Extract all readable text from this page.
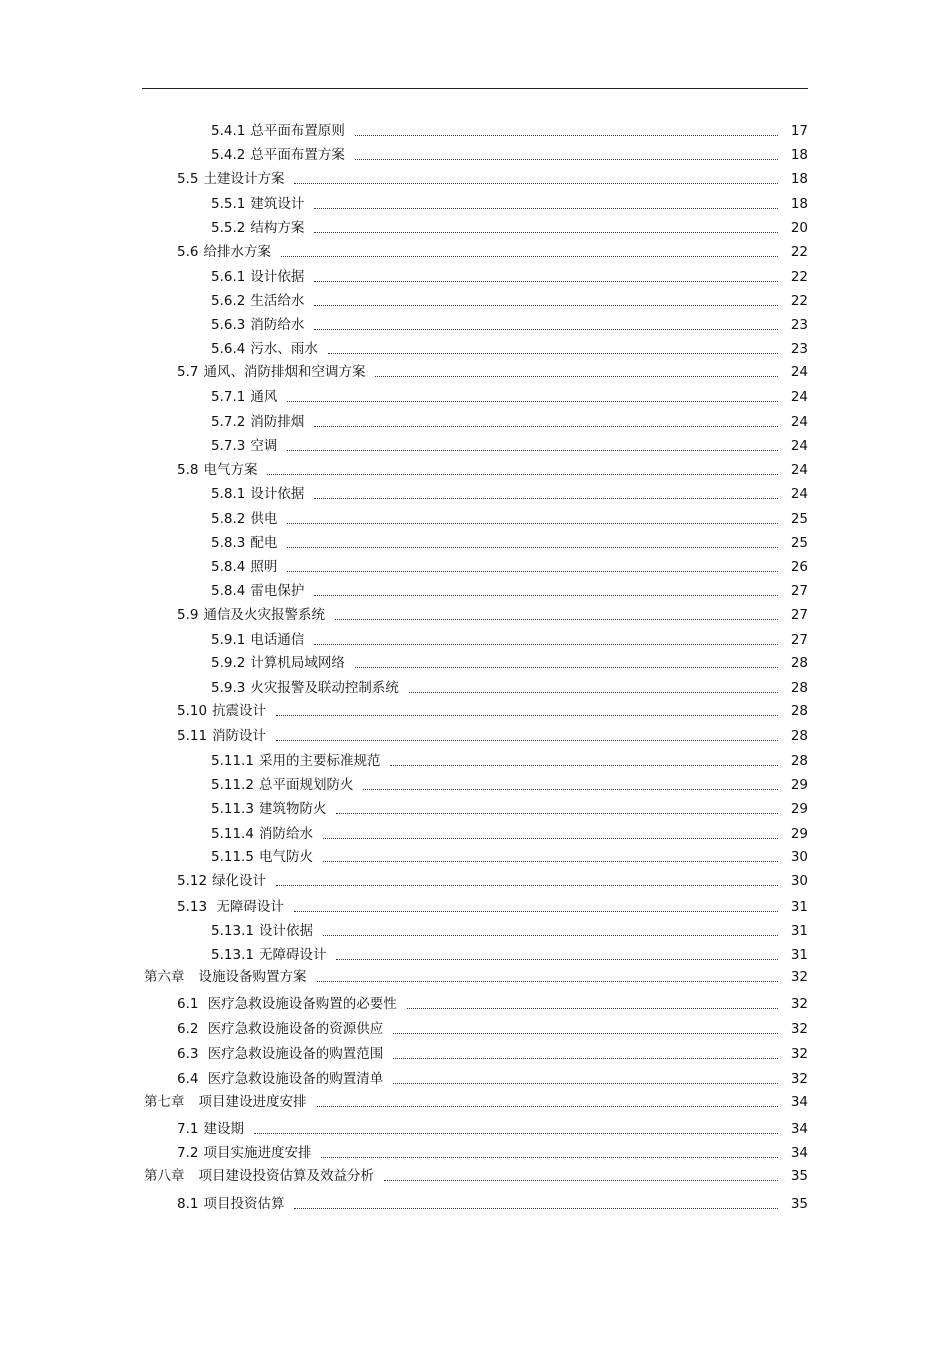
5.4.1 总平面布置原则	17
5.4.2 总平面布置方案	18
5.5 土建设计方案	18
5.5.1 建筑设计	18
5.5.2 结构方案	20
5.6 给排水方案	22
5.6.1 设计依据	22
5.6.2 生活给水	22
5.6.3 消防给水	23
5.6.4 污水、雨水	23
5.7 通风、消防排烟和空调方案	24
5.7.1 通风	24
5.7.2 消防排烟	24
5.7.3 空调	24
5.8 电气方案	24
5.8.1 设计依据	24
5.8.2 供电	25
5.8.3 配电	25
5.8.4 照明	26
5.8.4 雷电保护	27
5.9 通信及火灾报警系统	27
5.9.1 电话通信	27
5.9.2 计算机局域网络	28
5.9.3 火灾报警及联动控制系统	28
5.10 抗震设计	28
5.11 消防设计	28
5.11.1 采用的主要标准规范	28
5.11.2 总平面规划防火	29
5.11.3 建筑物防火	29
5.11.4 消防给水	29
5.11.5 电气防火	30
5.12 绿化设计	30
5.13 无障碍设计	31
5.13.1 设计依据	31
5.13.1 无障碍设计	31
第六章 设施设备购置方案	32
6.1 医疗急救设施设备购置的必要性	32
6.2 医疗急救设施设备的资源供应	32
6.3 医疗急救设施设备的购置范围	32
6.4 医疗急救设施设备的购置清单	32
第七章 项目建设进度安排	34
7.1 建设期	34
7.2 项目实施进度安排	34
第八章 项目建设投资估算及效益分析	35
8.1 项目投资估算	35
